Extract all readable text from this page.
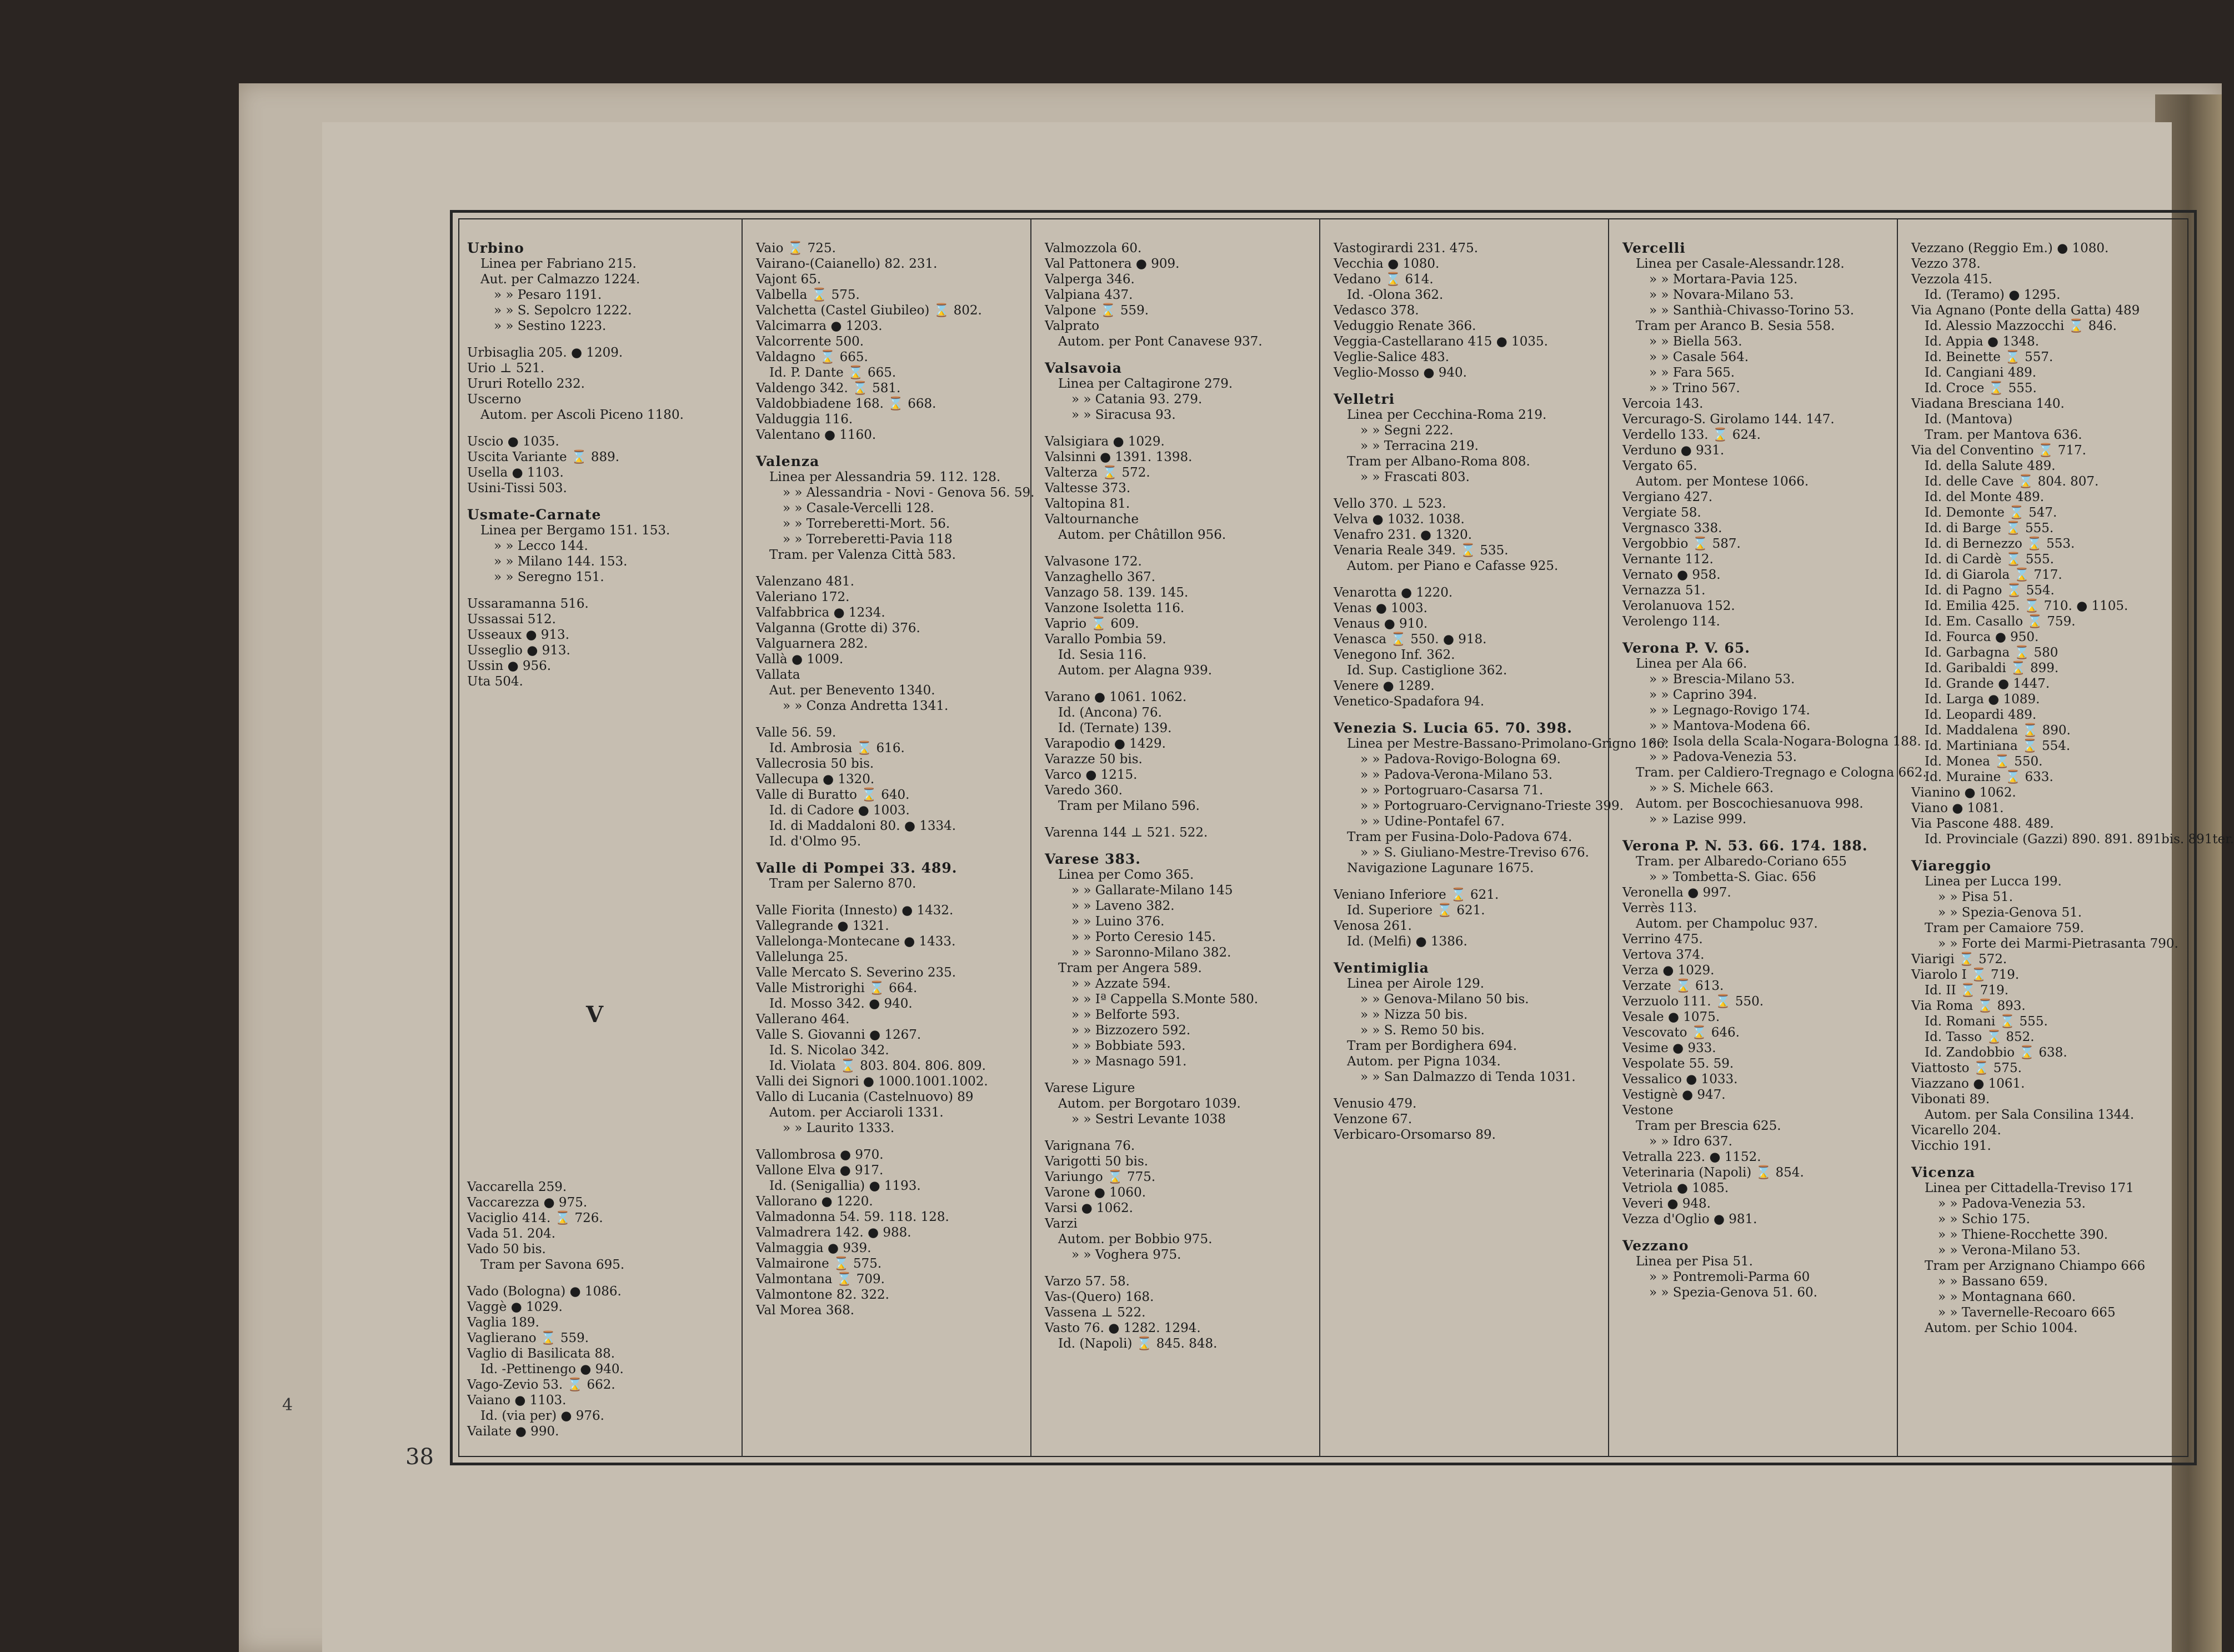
Urbino
Linea per Fabriano 215.
Aut. per Calmazzo 1224.
» » Pesaro 1191.
» » S. Sepolcro 1222.
» » Sestino 1223.
Urbisaglia 205. ● 1209.
Urio ⊥ 521.
Ururi Rotello 232.
Uscerno
Autom. per Ascoli Piceno 1180.
Uscio ● 1035.
Uscita Variante ⌛ 889.
Usella ● 1103.
Usini-Tissi 503.
Usmate-Carnate
Linea per Bergamo 151. 153.
» » Lecco 144.
» » Milano 144. 153.
» » Seregno 151.
Ussaramanna 516.
Ussassai 512.
Usseaux ● 913.
Usseglio ● 913.
Ussin ● 956.
Uta 504.
Vaio ⌛ 725.
Vairano-(Caianello) 82. 231.
Vajont 65.
Valbella ⌛ 575.
Valchetta (Castel Giubileo) ⌛ 802.
Valcimarra ● 1203.
Valcorrente 500.
Valdagno ⌛ 665.
Id. P. Dante ⌛ 665.
Valdengo 342. ⌛ 581.
Valdobbiadene 168. ⌛ 668.
Valduggia 116.
Valentano ● 1160.
Valenza
Linea per Alessandria 59. 112. 128.
» » Alessandria - Novi - Genova 56. 59.
» » Casale-Vercelli 128.
» » Torreberetti-Mort. 56.
» » Torreberetti-Pavia 118
Tram. per Valenza Città 583.
Valenzano 481.
Valeriano 172.
Valfabbrica ● 1234.
Valganna (Grotte di) 376.
Valguarnera 282.
Vallà ● 1009.
Vallata
Aut. per Benevento 1340.
» » Conza Andretta 1341.
Valle 56. 59.
Id. Ambrosia ⌛ 616.
Vallecrosia 50 bis.
Vallecupa ● 1320.
Valle di Buratto ⌛ 640.
Id. di Cadore ● 1003.
Id. di Maddaloni 80. ● 1334.
Id. d'Olmo 95.
Valle di Pompei 33. 489.
Tram per Salerno 870.
Valle Fiorita (Innesto) ● 1432.
Vallegrande ● 1321.
Vallelonga-Montecane ● 1433.
Vallelunga 25.
Valle Mercato S. Severino 235.
Valle Mistrorighi ⌛ 664.
Id. Mosso 342. ● 940.
Vallerano 464.
Valle S. Giovanni ● 1267.
Id. S. Nicolao 342.
Id. Violata ⌛ 803. 804. 806. 809.
Valli dei Signori ● 1000.1001.1002.
Vallo di Lucania (Castelnuovo) 89
Autom. per Acciaroli 1331.
» » Laurito 1333.
Vallombrosa ● 970.
Vallone Elva ● 917.
Id. (Senigallia) ● 1193.
Vallorano ● 1220.
Valmadonna 54. 59. 118. 128.
Valmadrera 142. ● 988.
Valmaggia ● 939.
Valmairone ⌛ 575.
Valmontana ⌛ 709.
Valmontone 82. 322.
Val Morea 368.
Valmozzola 60.
Val Pattonera ● 909.
Valperga 346.
Valpiana 437.
Valpone ⌛ 559.
Valprato
Autom. per Pont Canavese 937.
Valsavoia
Linea per Caltagirone 279.
» » Catania 93. 279.
» » Siracusa 93.
Valsigiara ● 1029.
Valsinni ● 1391. 1398.
Valterza ⌛ 572.
Valtesse 373.
Valtopina 81.
Valtournanche
Autom. per Châtillon 956.
Valvasone 172.
Vanzaghello 367.
Vanzago 58. 139. 145.
Vanzone Isoletta 116.
Vaprio ⌛ 609.
Varallo Pombia 59.
Id. Sesia 116.
Autom. per Alagna 939.
Varano ● 1061. 1062.
Id. (Ancona) 76.
Id. (Ternate) 139.
Varapodio ● 1429.
Varazze 50 bis.
Varco ● 1215.
Varedo 360.
Tram per Milano 596.
Varenna 144 ⊥ 521. 522.
Varese 383.
Linea per Como 365.
» » Gallarate-Milano 145
» » Laveno 382.
» » Luino 376.
» » Porto Ceresio 145.
» » Saronno-Milano 382.
Tram per Angera 589.
» » Azzate 594.
» » Iª Cappella S.Monte 580.
» » Belforte 593.
» » Bizzozero 592.
» » Bobbiate 593.
» » Masnago 591.
Varese Ligure
Autom. per Borgotaro 1039.
» » Sestri Levante 1038
Varignana 76.
Varigotti 50 bis.
Variungo ⌛ 775.
Varone ● 1060.
Varsi ● 1062.
Varzi
Autom. per Bobbio 975.
» » Voghera 975.
Varzo 57. 58.
Vas-(Quero) 168.
Vassena ⊥ 522.
Vasto 76. ● 1282. 1294.
Id. (Napoli) ⌛ 845. 848.
Vastogirardi 231. 475.
Vecchia ● 1080.
Vedano ⌛ 614.
Id. -Olona 362.
Vedasco 378.
Veduggio Renate 366.
Veggia-Castellarano 415 ● 1035.
Veglie-Salice 483.
Veglio-Mosso ● 940.
Velletri
Linea per Cecchina-Roma 219.
» » Segni 222.
» » Terracina 219.
Tram per Albano-Roma 808.
» » Frascati 803.
Vello 370. ⊥ 523.
Velva ● 1032. 1038.
Venafro 231. ● 1320.
Venaria Reale 349. ⌛ 535.
Autom. per Piano e Cafasse 925.
Venarotta ● 1220.
Venas ● 1003.
Venaus ● 910.
Venasca ⌛ 550. ● 918.
Venegono Inf. 362.
Id. Sup. Castiglione 362.
Venere ● 1289.
Venetico-Spadafora 94.
Venezia S. Lucia 65. 70. 398.
Linea per Mestre-Bassano-Primolano-Grigno 166.
» » Padova-Rovigo-Bologna 69.
» » Padova-Verona-Milano 53.
» » Portogruaro-Casarsa 71.
» » Portogruaro-Cervignano-Trieste 399.
» » Udine-Pontafel 67.
Tram per Fusina-Dolo-Padova 674.
» » S. Giuliano-Mestre-Treviso 676.
Navigazione Lagunare 1675.
Veniano Inferiore ⌛ 621.
Id. Superiore ⌛ 621.
Venosa 261.
Id. (Melfi) ● 1386.
Ventimiglia
Linea per Airole 129.
» » Genova-Milano 50 bis.
» » Nizza 50 bis.
» » S. Remo 50 bis.
Tram per Bordighera 694.
Autom. per Pigna 1034.
» » San Dalmazzo di Tenda 1031.
Venusio 479.
Venzone 67.
Verbicaro-Orsomarso 89.
Vercelli
Linea per Casale-Alessandr.128.
» » Mortara-Pavia 125.
» » Novara-Milano 53.
» » Santhià-Chivasso-Torino 53.
Tram per Aranco B. Sesia 558.
» » Biella 563.
» » Casale 564.
» » Fara 565.
» » Trino 567.
Vercoia 143.
Vercurago-S. Girolamo 144. 147.
Verdello 133. ⌛ 624.
Verduno ● 931.
Vergato 65.
Autom. per Montese 1066.
Vergiano 427.
Vergiate 58.
Vergnasco 338.
Vergobbio ⌛ 587.
Vernante 112.
Vernato ● 958.
Vernazza 51.
Verolanuova 152.
Verolengo 114.
Verona P. V. 65.
Linea per Ala 66.
» » Brescia-Milano 53.
» » Caprino 394.
» » Legnago-Rovigo 174.
» » Mantova-Modena 66.
» » Isola della Scala-Nogara-Bologna 188.
» » Padova-Venezia 53.
Tram. per Caldiero-Tregnago e Cologna 662.
» » S. Michele 663.
Autom. per Boscochiesanuova 998.
» » Lazise 999.
Verona P. N. 53. 66. 174. 188.
Tram. per Albaredo-Coriano 655
» » Tombetta-S. Giac. 656
Veronella ● 997.
Verrès 113.
Autom. per Champoluc 937.
Verrino 475.
Vertova 374.
Verza ● 1029.
Verzate ⌛ 613.
Verzuolo 111. ⌛ 550.
Vesale ● 1075.
Vescovato ⌛ 646.
Vesime ● 933.
Vespolate 55. 59.
Vessalico ● 1033.
Vestignè ● 947.
Vestone
Tram per Brescia 625.
» » Idro 637.
Vetralla 223. ● 1152.
Veterinaria (Napoli) ⌛ 854.
Vetriola ● 1085.
Veveri ● 948.
Vezza d'Oglio ● 981.
Vezzano
Linea per Pisa 51.
» » Pontremoli-Parma 60
» » Spezia-Genova 51. 60.
Vezzano (Reggio Em.) ● 1080.
Vezzo 378.
Vezzola 415.
Id. (Teramo) ● 1295.
Via Agnano (Ponte della Gatta) 489
Id. Alessio Mazzocchi ⌛ 846.
Id. Appia ● 1348.
Id. Beinette ⌛ 557.
Id. Cangiani 489.
Id. Croce ⌛ 555.
Viadana Bresciana 140.
Id. (Mantova)
Tram. per Mantova 636.
Via del Conventino ⌛ 717.
Id. della Salute 489.
Id. delle Cave ⌛ 804. 807.
Id. del Monte 489.
Id. Demonte ⌛ 547.
Id. di Barge ⌛ 555.
Id. di Bernezzo ⌛ 553.
Id. di Cardè ⌛ 555.
Id. di Giarola ⌛ 717.
Id. di Pagno ⌛ 554.
Id. Emilia 425. ⌛ 710. ● 1105.
Id. Em. Casallo ⌛ 759.
Id. Fourca ● 950.
Id. Garbagna ⌛ 580
Id. Garibaldi ⌛ 899.
Id. Grande ● 1447.
Id. Larga ● 1089.
Id. Leopardi 489.
Id. Maddalena ⌛ 890.
Id. Martiniana ⌛ 554.
Id. Monea ⌛ 550.
Id. Muraine ⌛ 633.
Vianino ● 1062.
Viano ● 1081.
Via Pascone 488. 489.
Id. Provinciale (Gazzi) 890. 891. 891bis. 891ter.
Viareggio
Linea per Lucca 199.
» » Pisa 51.
» » Spezia-Genova 51.
Tram per Camaiore 759.
» » Forte dei Marmi-Pietrasanta 790.
Viarigi ⌛ 572.
Viarolo I ⌛ 719.
Id. II ⌛ 719.
Via Roma ⌛ 893.
Id. Romani ⌛ 555.
Id. Tasso ⌛ 852.
Id. Zandobbio ⌛ 638.
Viattosto ⌛ 575.
Viazzano ● 1061.
Vibonati 89.
Autom. per Sala Consilina 1344.
Vicarello 204.
Vicchio 191.
Vicenza
Linea per Cittadella-Treviso 171
» » Padova-Venezia 53.
» » Schio 175.
» » Thiene-Rocchette 390.
» » Verona-Milano 53.
Tram per Arzignano Chiampo 666
» » Bassano 659.
» » Montagnana 660.
» » Tavernelle-Recoaro 665
Autom. per Schio 1004.
V
Vaccarella 259.
Vaccarezza ● 975.
Vaciglio 414. ⌛ 726.
Vada 51. 204.
Vado 50 bis.
Tram per Savona 695.
Vado (Bologna) ● 1086.
Vaggè ● 1029.
Vaglia 189.
Vaglierano ⌛ 559.
Vaglio di Basilicata 88.
Id. -Pettinengo ● 940.
Vago-Zevio 53. ⌛ 662.
Vaiano ● 1103.
Id. (via per) ● 976.
Vailate ● 990.
38
4
